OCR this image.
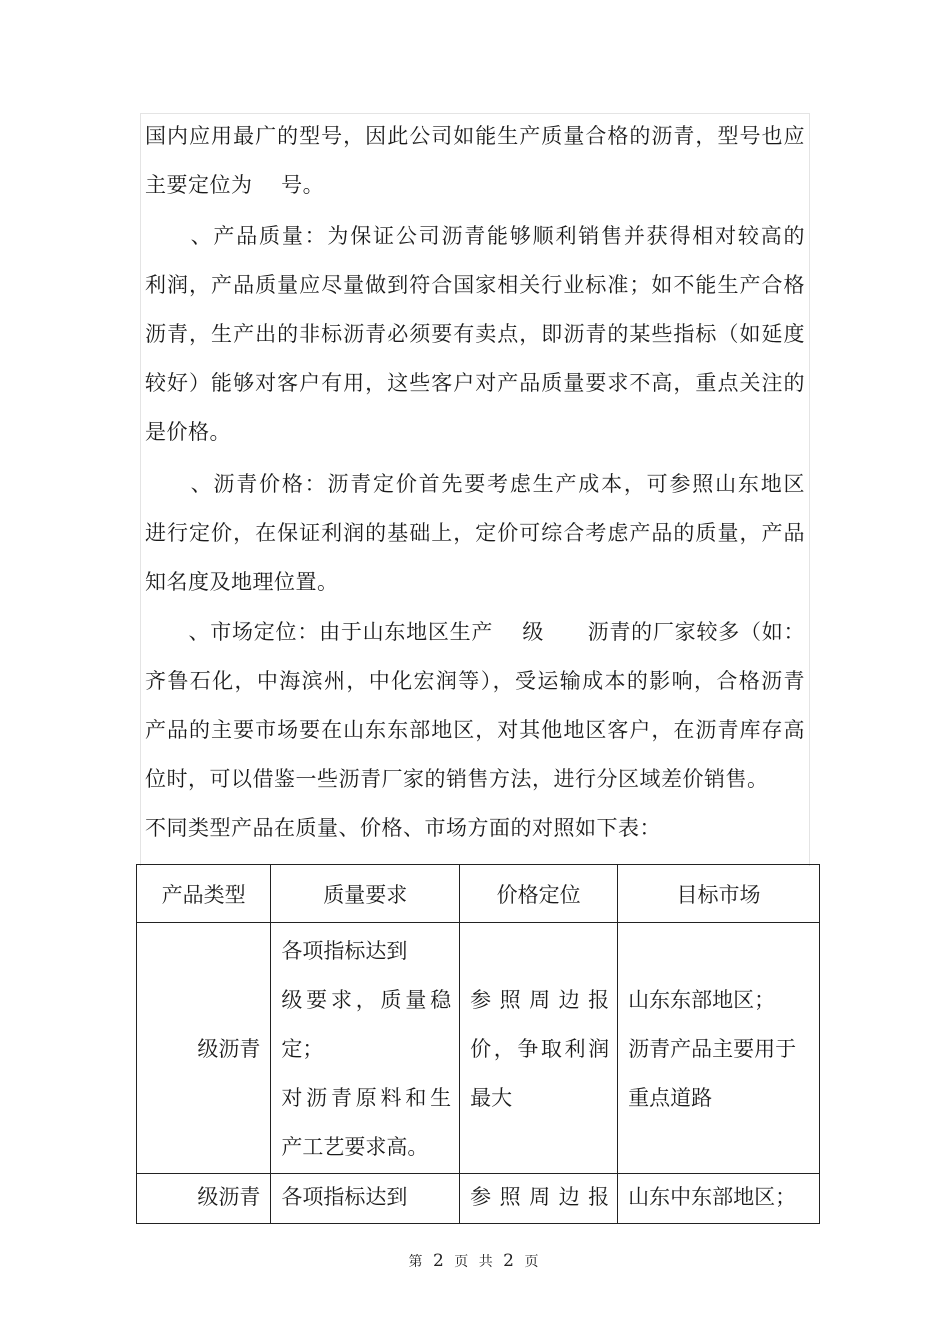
国内应用最广的型号，因此公司如能生产质量合格的沥青，型号也应
主要定位为　 号。
　　、产品质量：为保证公司沥青能够顺利销售并获得相对较高的
利润，产品质量应尽量做到符合国家相关行业标准；如不能生产合格
沥青，生产出的非标沥青必须要有卖点，即沥青的某些指标（如延度
较好）能够对客户有用，这些客户对产品质量要求不高，重点关注的
是价格。
　　、沥青价格：沥青定价首先要考虑生产成本，可参照山东地区
进行定价，在保证利润的基础上，定价可综合考虑产品的质量，产品
知名度及地理位置。
　　、市场定位：由于山东地区生产　 级　　沥青的厂家较多（如：
齐鲁石化，中海滨州，中化宏润等），受运输成本的影响，合格沥青
产品的主要市场要在山东东部地区，对其他地区客户，在沥青库存高
位时，可以借鉴一些沥青厂家的销售方法，进行分区域差价销售。
不同类型产品在质量、价格、市场方面的对照如下表：
产品类型	质量要求	价格定位	目标市场
级沥青	各项指标达到
级要求，质量稳
定；
对沥青原料和生
产工艺要求高。	参照周边报
价，争取利润
最大	山东东部地区；
沥青产品主要用于
重点道路

级沥青	各项指标达到	参照周边报	山东中东部地区；
第 2 页 共 2 页
